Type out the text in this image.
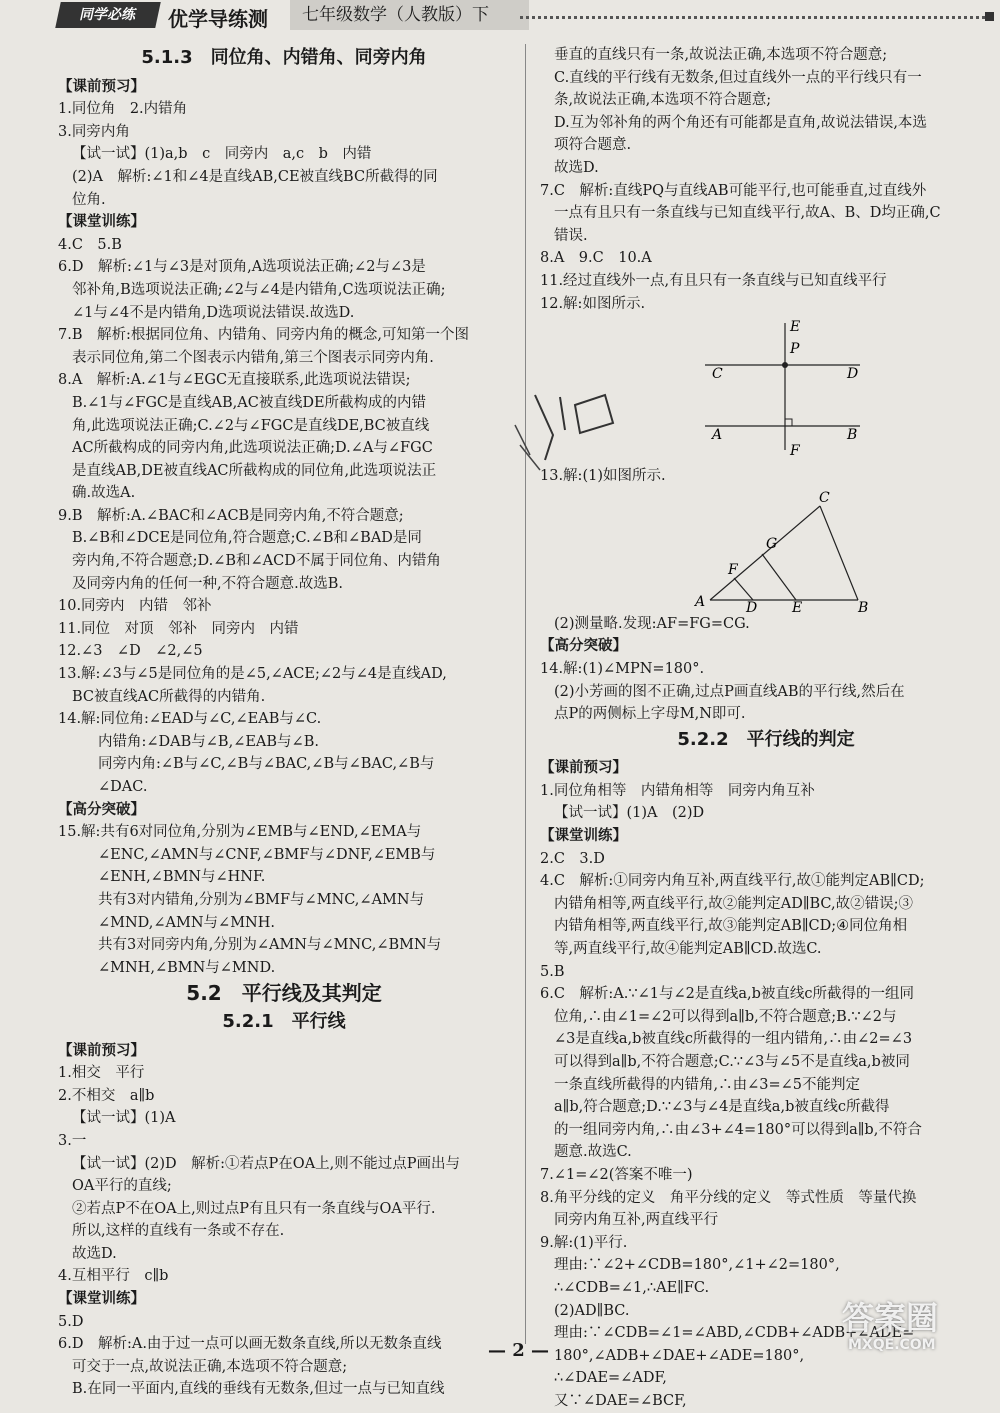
同学必练	优学导练测	七年级数学（人教版）下
5.1.3　同位角、内错角、同旁内角
【课前预习】
1.同位角　2.内错角
3.同旁内角
【试一试】(1)a,b　c　同旁内　a,c　b　内错
(2)A　解析:∠1和∠4是直线AB,CE被直线BC所截得的同
位角.
【课堂训练】
4.C　5.B
6.D　解析:∠1与∠3是对顶角,A选项说法正确;∠2与∠3是
邻补角,B选项说法正确;∠2与∠4是内错角,C选项说法正确;
∠1与∠4不是内错角,D选项说法错误.故选D.
7.B　解析:根据同位角、内错角、同旁内角的概念,可知第一个图
表示同位角,第二个图表示内错角,第三个图表示同旁内角.
8.A　解析:A.∠1与∠EGC无直接联系,此选项说法错误;
B.∠1与∠FGC是直线AB,AC被直线DE所截构成的内错
角,此选项说法正确;C.∠2与∠FGC是直线DE,BC被直线
AC所截构成的同旁内角,此选项说法正确;D.∠A与∠FGC
是直线AB,DE被直线AC所截构成的同位角,此选项说法正
确.故选A.
9.B　解析:A.∠BAC和∠ACB是同旁内角,不符合题意;
B.∠B和∠DCE是同位角,符合题意;C.∠B和∠BAD是同
旁内角,不符合题意;D.∠B和∠ACD不属于同位角、内错角
及同旁内角的任何一种,不符合题意.故选B.
10.同旁内　内错　邻补
11.同位　对顶　邻补　同旁内　内错
12.∠3　∠D　∠2,∠5
13.解:∠3与∠5是同位角的是∠5,∠ACE;∠2与∠4是直线AD,
BC被直线AC所截得的内错角.
14.解:同位角:∠EAD与∠C,∠EAB与∠C.
内错角:∠DAB与∠B,∠EAB与∠B.
同旁内角:∠B与∠C,∠B与∠BAC,∠B与∠BAC,∠B与
∠DAC.
【高分突破】
15.解:共有6对同位角,分别为∠EMB与∠END,∠EMA与
∠ENC,∠AMN与∠CNF,∠BMF与∠DNF,∠EMB与
∠ENH,∠BMN与∠HNF.
共有3对内错角,分别为∠BMF与∠MNC,∠AMN与
∠MND,∠AMN与∠MNH.
共有3对同旁内角,分别为∠AMN与∠MNC,∠BMN与
∠MNH,∠BMN与∠MND.
5.2　平行线及其判定
5.2.1　平行线
【课前预习】
1.相交　平行
2.不相交　a∥b
【试一试】(1)A
3.一
【试一试】(2)D　解析:①若点P在OA上,则不能过点P画出与
OA平行的直线;
②若点P不在OA上,则过点P有且只有一条直线与OA平行.
所以,这样的直线有一条或不存在.
故选D.
4.互相平行　c∥b
【课堂训练】
5.D
6.D　解析:A.由于过一点可以画无数条直线,所以无数条直线
可交于一点,故说法正确,本选项不符合题意;
B.在同一平面内,直线的垂线有无数条,但过一点与已知直线
垂直的直线只有一条,故说法正确,本选项不符合题意;
C.直线的平行线有无数条,但过直线外一点的平行线只有一
条,故说法正确,本选项不符合题意;
D.互为邻补角的两个角还有可能都是直角,故说法错误,本选
项符合题意.
故选D.
7.C　解析:直线PQ与直线AB可能平行,也可能垂直,过直线外
一点有且只有一条直线与已知直线平行,故A、B、D均正确,C
错误.
8.A　9.C　10.A
11.经过直线外一点,有且只有一条直线与已知直线平行
12.解:如图所示.
E
P
C	D
A	B
F
13.解:(1)如图所示.
C
G
F
A	D E	B
(2)测量略.发现:AF=FG=CG.
【高分突破】
14.解:(1)∠MPN=180°.
(2)小芳画的图不正确,过点P画直线AB的平行线,然后在
点P的两侧标上字母M,N即可.
5.2.2　平行线的判定
【课前预习】
1.同位角相等　内错角相等　同旁内角互补
【试一试】(1)A　(2)D
【课堂训练】
2.C　3.D
4.C　解析:①同旁内角互补,两直线平行,故①能判定AB∥CD;
内错角相等,两直线平行,故②能判定AD∥BC,故②错误;③
内错角相等,两直线平行,故③能判定AB∥CD;④同位角相
等,两直线平行,故④能判定AB∥CD.故选C.
5.B
6.C　解析:A.∵∠1与∠2是直线a,b被直线c所截得的一组同
位角,∴由∠1=∠2可以得到a∥b,不符合题意;B.∵∠2与
∠3是直线a,b被直线c所截得的一组内错角,∴由∠2=∠3
可以得到a∥b,不符合题意;C.∵∠3与∠5不是直线a,b被同
一条直线所截得的内错角,∴由∠3=∠5不能判定
a∥b,符合题意;D.∵∠3与∠4是直线a,b被直线c所截得
的一组同旁内角,∴由∠3+∠4=180°可以得到a∥b,不符合
题意.故选C.
7.∠1=∠2(答案不唯一)
8.角平分线的定义　角平分线的定义　等式性质　等量代换
同旁内角互补,两直线平行
9.解:(1)平行.
理由:∵∠2+∠CDB=180°,∠1+∠2=180°,
∴∠CDB=∠1,∴AE∥FC.
(2)AD∥BC.
理由:∵∠CDB=∠1=∠ABD,∠CDB+∠ADB+∠ADE=
180°,∠ADB+∠DAE+∠ADE=180°,
∴∠DAE=∠ADF,
又∵∠DAE=∠BCF,
— 2 —
答案圈
MXQE.COM
